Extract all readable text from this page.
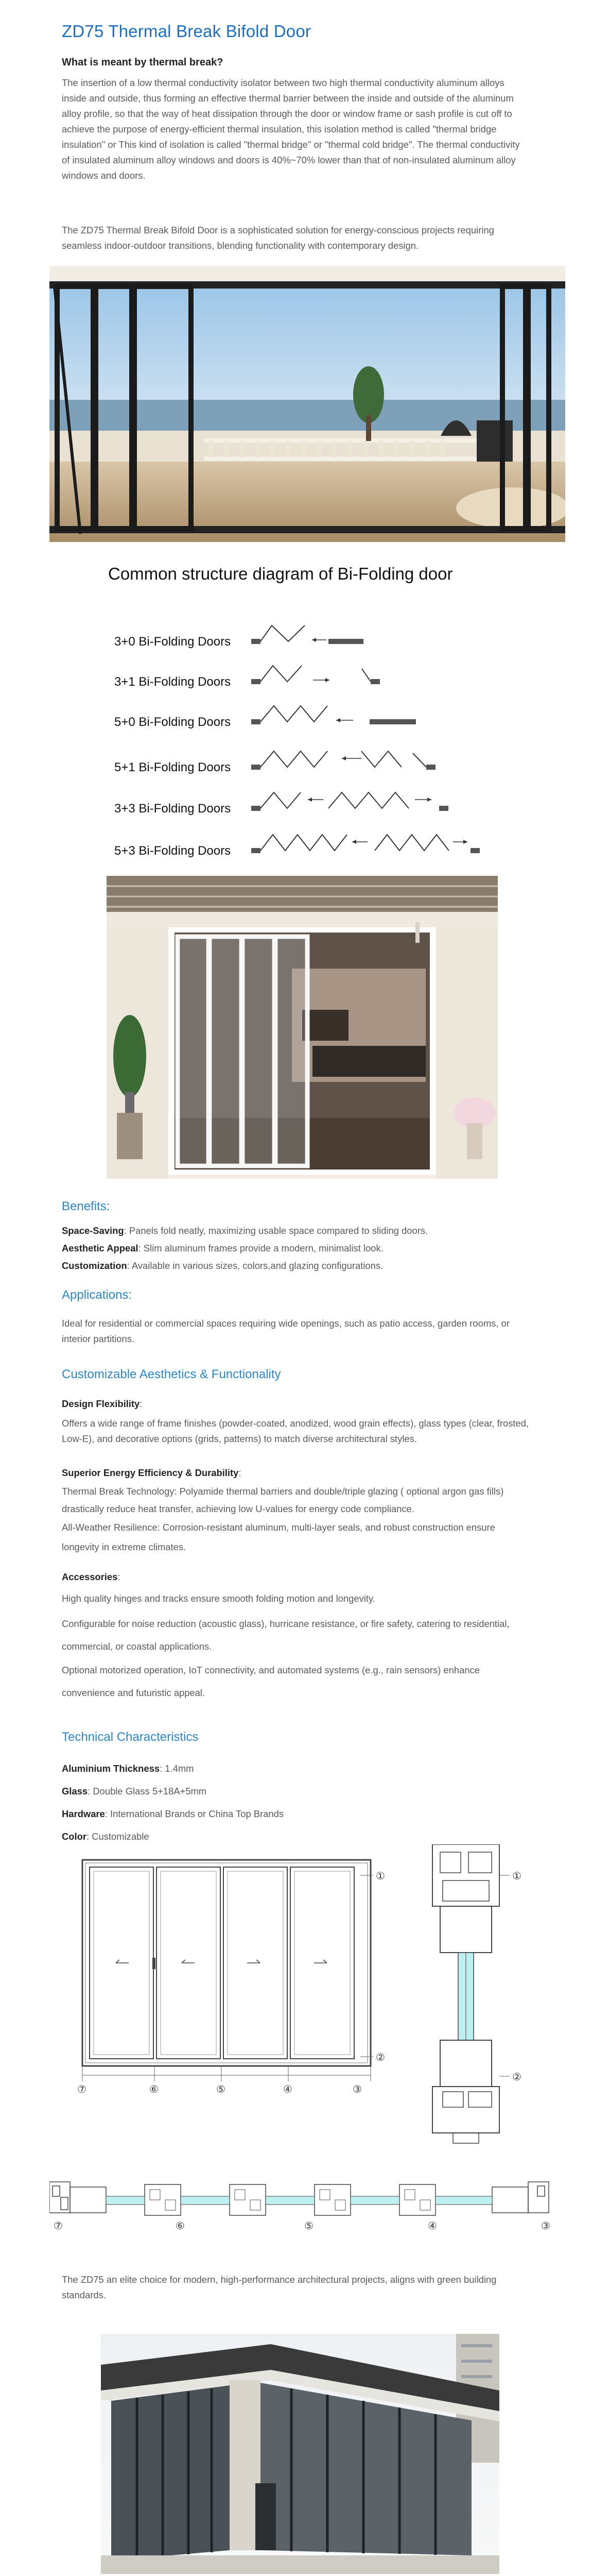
ZD75 Thermal Break Bifold Door
What is meant by thermal break?
The insertion of a low thermal conductivity isolator between two high thermal conductivity aluminum alloys inside and outside, thus forming an effective thermal barrier between the inside and outside of the aluminum alloy profile, so that the way of heat dissipation through the door or window frame or sash profile is cut off to achieve the purpose of energy-efficient thermal insulation, this isolation method is called "thermal bridge insulation" or This kind of isolation is called "thermal bridge" or "thermal cold bridge". The thermal conductivity of insulated aluminum alloy windows and doors is 40%~70% lower than that of non-insulated aluminum alloy windows and doors.
The ZD75 Thermal Break Bifold Door is a sophisticated solution for energy-conscious projects requiring seamless indoor-outdoor transitions, blending functionality with contemporary design.
Common structure diagram of Bi-Folding door
3+0 Bi-Folding Doors
3+1 Bi-Folding Doors
5+0 Bi-Folding Doors
5+1 Bi-Folding Doors
3+3 Bi-Folding Doors
5+3 Bi-Folding Doors
Benefits:
Space-Saving: Panels fold neatly, maximizing usable space compared to sliding doors.
Aesthetic Appeal: Slim aluminum frames provide a modern, minimalist look.
Customization: Available in various sizes, colors,and glazing configurations.
Applications:
Ideal for residential or commercial spaces requiring wide openings, such as patio access, garden rooms, or interior partitions.
Customizable Aesthetics & Functionality
Design Flexibility:
Offers a wide range of frame finishes (powder-coated, anodized, wood grain effects), glass types (clear, frosted, Low-E), and decorative options (grids, patterns) to match diverse architectural styles.
Superior Energy Efficiency & Durability:
Thermal Break Technology: Polyamide thermal barriers and double/triple glazing ( optional argon gas fills) drastically reduce heat transfer, achieving low U-values for energy code compliance.
All-Weather Resilience: Corrosion-resistant aluminum, multi-layer seals, and robust construction ensure longevity in extreme climates.
Accessories:
High quality hinges and tracks ensure smooth folding motion and longevity.
Configurable for noise reduction (acoustic glass), hurricane resistance, or fire safety, catering to residential, commercial, or coastal applications.
Optional motorized operation, IoT connectivity, and automated systems (e.g., rain sensors) enhance convenience and futuristic appeal.
Technical Characteristics
Aluminium Thickness: 1.4mm
Glass: Double Glass 5+18A+5mm
Hardware: International Brands or China Top Brands
Color: Customizable
①
②
⑦	⑥	⑤	④	③
①
②
⑦	⑥	⑤	④	③
The ZD75 an elite choice for modern, high-performance architectural projects, aligns with green building standards.
